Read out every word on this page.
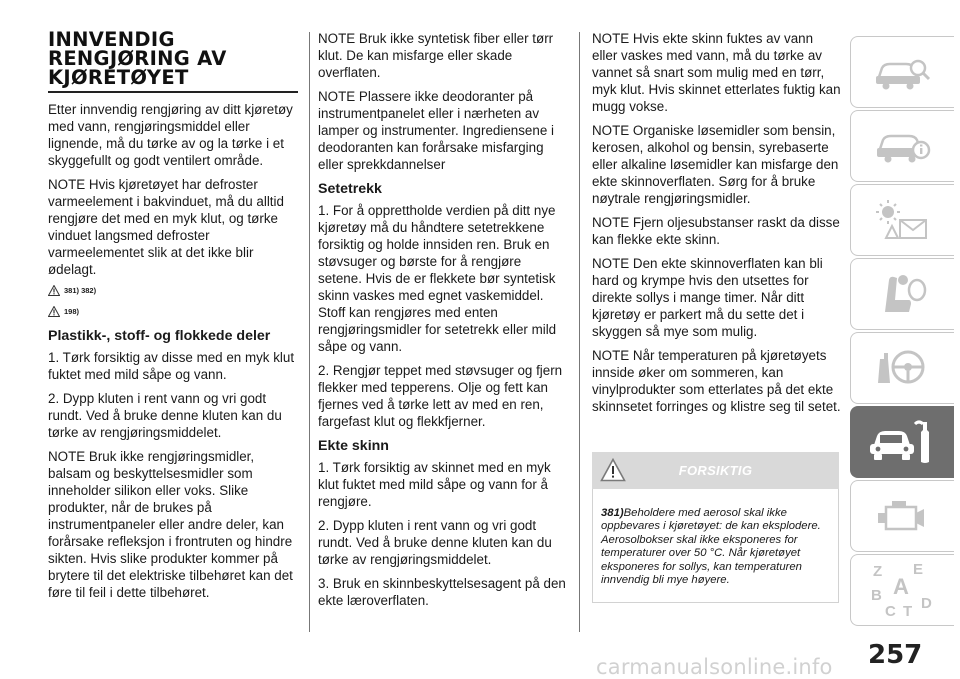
INNVENDIG
RENGJØRING AV
KJØRETØYET

Etter innvendig rengjøring av ditt kjøretøy med vann, rengjøringsmiddel eller lignende, må du tørke av og la tørke i et skyggefullt og godt ventilert område.

NOTE Hvis kjøretøyet har defroster varmeelement i bakvinduet, må du alltid rengjøre det med en myk klut, og tørke vinduet langsmed defroster varmeelementet slik at det ikke blir ødelagt.

381) 382)
198)
Plastikk-, stoff- og flokkede deler

1. Tørk forsiktig av disse med en myk klut fuktet med mild såpe og vann.

2. Dypp kluten i rent vann og vri godt rundt. Ved å bruke denne kluten kan du tørke av rengjøringsmiddelet.

NOTE Bruk ikke rengjøringsmidler, balsam og beskyttelsesmidler som inneholder silikon eller voks. Slike produkter, når de brukes på instrumentpaneler eller andre deler, kan forårsake refleksjon i frontruten og hindre sikten. Hvis slike produkter kommer på brytere til det elektriske tilbehøret kan det føre til feil i dette tilbehøret.

NOTE Bruk ikke syntetisk fiber eller tørr klut. De kan misfarge eller skade overflaten.

NOTE Plassere ikke deodoranter på instrumentpanelet eller i nærheten av lamper og instrumenter. Ingrediensene i deodoranten kan forårsake misfarging eller sprekkdannelser

Setetrekk

1. For å opprettholde verdien på ditt nye kjøretøy må du håndtere setetrekkene forsiktig og holde innsiden ren. Bruk en støvsuger og børste for å rengjøre setene. Hvis de er flekkete bør syntetisk skinn vaskes med egnet vaskemiddel. Stoff kan rengjøres med enten rengjøringsmidler for setetrekk eller mild såpe og vann.

2. Rengjør teppet med støvsuger og fjern flekker med tepperens. Olje og fett kan fjernes ved å tørke lett av med en ren, fargefast klut og flekkfjerner.

Ekte skinn

1. Tørk forsiktig av skinnet med en myk klut fuktet med mild såpe og vann for å rengjøre.

2. Dypp kluten i rent vann og vri godt rundt. Ved å bruke denne kluten kan du tørke av rengjøringsmiddelet.

3. Bruk en skinnbeskyttelsesagent på den ekte læroverflaten.

NOTE Hvis ekte skinn fuktes av vann eller vaskes med vann, må du tørke av vannet så snart som mulig med en tørr, myk klut. Hvis skinnet etterlates fuktig kan mugg vokse.

NOTE Organiske løsemidler som bensin, kerosen, alkohol og bensin, syrebaserte eller alkaline løsemidler kan misfarge den ekte skinnoverflaten. Sørg for å bruke nøytrale rengjøringsmidler.

NOTE Fjern oljesubstanser raskt da disse kan flekke ekte skinn.

NOTE Den ekte skinnoverflaten kan bli hard og krympe hvis den utsettes for direkte sollys i mange timer. Når ditt kjøretøy er parkert må du sette det i skyggen så mye som mulig.

NOTE Når temperaturen på kjøretøyets innside øker om sommeren, kan vinylprodukter som etterlates på det ekte skinnsetet forringes og klistre seg til setet.

FORSIKTIG
381)Beholdere med aerosol skal ikke oppbevares i kjøretøyet: de kan eksplodere. Aerosolbokser skal ikke eksponeres for temperaturer over 50 °C. Når kjøretøyet eksponeres for sollys, kan temperaturen innvendig bli mye høyere.
Z E
A
B
C T D
257
carmanualsonline.info
